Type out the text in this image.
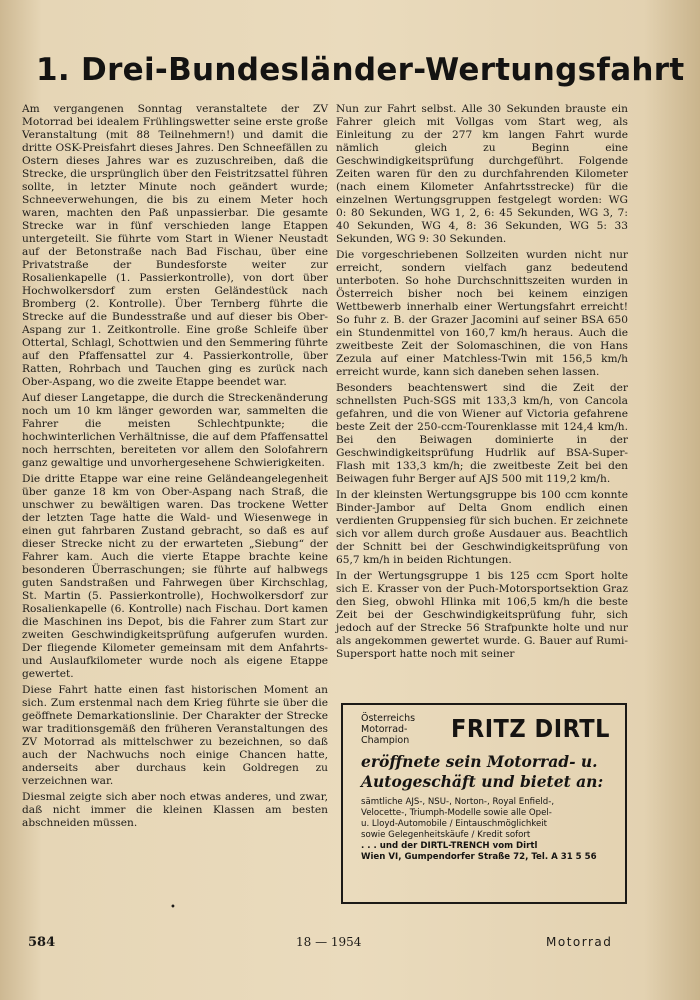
1. Drei-Bundesländer-Wertungsfahrt

Am vergangenen Sonntag veranstaltete der ZV Motorrad bei idealem Frühlingswetter seine erste große Veranstaltung (mit 88 Teilnehmern!) und damit die dritte OSK-Preisfahrt dieses Jahres. Den Schneefällen zu Ostern dieses Jahres war es zuzuschreiben, daß die Strecke, die ursprünglich über den Feistritzsattel führen sollte, in letzter Minute noch geändert wurde; Schneeverwehungen, die bis zu einem Meter hoch waren, machten den Paß unpassierbar. Die gesamte Strecke war in fünf verschieden lange Etappen untergeteilt. Sie führte vom Start in Wiener Neustadt auf der Betonstraße nach Bad Fischau, über eine Privatstraße der Bundesforste weiter zur Rosalienkapelle (1. Passierkontrolle), von dort über Hochwolkersdorf zum ersten Geländestück nach Bromberg (2. Kontrolle). Über Ternberg führte die Strecke auf die Bundesstraße und auf dieser bis Ober-Aspang zur 1. Zeitkontrolle. Eine große Schleife über Ottertal, Schlagl, Schottwien und den Semmering führte auf den Pfaffensattel zur 4. Passierkontrolle, über Ratten, Rohrbach und Tauchen ging es zurück nach Ober-Aspang, wo die zweite Etappe beendet war.

Auf dieser Langetappe, die durch die Streckenänderung noch um 10 km länger geworden war, sammelten die Fahrer die meisten Schlechtpunkte; die hochwinterlichen Verhältnisse, die auf dem Pfaffensattel noch herrschten, bereiteten vor allem den Solofahrern ganz gewaltige und unvorhergesehene Schwierigkeiten.

Die dritte Etappe war eine reine Geländeangelegenheit über ganze 18 km von Ober-Aspang nach Straß, die unschwer zu bewältigen waren. Das trockene Wetter der letzten Tage hatte die Wald- und Wiesenwege in einen gut fahrbaren Zustand gebracht, so daß es auf dieser Strecke nicht zu der erwarteten „Siebung“ der Fahrer kam. Auch die vierte Etappe brachte keine besonderen Überraschungen; sie führte auf halbwegs guten Sandstraßen und Fahrwegen über Kirchschlag, St. Martin (5. Passierkontrolle), Hochwolkersdorf zur Rosalienkapelle (6. Kontrolle) nach Fischau. Dort kamen die Maschinen ins Depot, bis die Fahrer zum Start zur zweiten Geschwindigkeitsprüfung aufgerufen wurden. Der fliegende Kilometer gemeinsam mit dem Anfahrts- und Auslaufkilometer wurde noch als eigene Etappe gewertet.

Diese Fahrt hatte einen fast historischen Moment an sich. Zum erstenmal nach dem Krieg führte sie über die geöffnete Demarkationslinie. Der Charakter der Strecke war traditionsgemäß den früheren Veranstaltungen des ZV Motorrad als mittelschwer zu bezeichnen, so daß auch der Nachwuchs noch einige Chancen hatte, anderseits aber durchaus kein Goldregen zu verzeichnen war.

Diesmal zeigte sich aber noch etwas anderes, und zwar, daß nicht immer die kleinen Klassen am besten abschneiden müssen.

Nun zur Fahrt selbst. Alle 30 Sekunden brauste ein Fahrer gleich mit Vollgas vom Start weg, als Einleitung zu der 277 km langen Fahrt wurde nämlich gleich zu Beginn eine Geschwindigkeitsprüfung durchgeführt. Folgende Zeiten waren für den zu durchfahrenden Kilometer (nach einem Kilometer Anfahrtsstrecke) für die einzelnen Wertungsgruppen festgelegt worden: WG 0: 80 Sekunden, WG 1, 2, 6: 45 Sekunden, WG 3, 7: 40 Sekunden, WG 4, 8: 36 Sekunden, WG 5: 33 Sekunden, WG 9: 30 Sekunden.

Die vorgeschriebenen Sollzeiten wurden nicht nur erreicht, sondern vielfach ganz bedeutend unterboten. So hohe Durchschnittszeiten wurden in Österreich bisher noch bei keinem einzigen Wettbewerb innerhalb einer Wertungsfahrt erreicht! So fuhr z. B. der Grazer Jacomini auf seiner BSA 650 ein Stundenmittel von 160,7 km/h heraus. Auch die zweitbeste Zeit der Solomaschinen, die von Hans Zezula auf einer Matchless-Twin mit 156,5 km/h erreicht wurde, kann sich daneben sehen lassen.

Besonders beachtenswert sind die Zeit der schnellsten Puch-SGS mit 133,3 km/h, von Cancola gefahren, und die von Wiener auf Victoria gefahrene beste Zeit der 250-ccm-Tourenklasse mit 124,4 km/h. Bei den Beiwagen dominierte in der Geschwindigkeitsprüfung Hudrlik auf BSA-Super-Flash mit 133,3 km/h; die zweitbeste Zeit bei den Beiwagen fuhr Berger auf AJS 500 mit 119,2 km/h.

In der kleinsten Wertungsgruppe bis 100 ccm konnte Binder-Jambor auf Delta Gnom endlich einen verdienten Gruppensieg für sich buchen. Er zeichnete sich vor allem durch große Ausdauer aus. Beachtlich der Schnitt bei der Geschwindigkeitsprüfung von 65,7 km/h in beiden Richtungen.

In der Wertungsgruppe 1 bis 125 ccm Sport holte sich E. Krasser von der Puch-Motorsportsektion Graz den Sieg, obwohl Hlinka mit 106,5 km/h die beste Zeit bei der Geschwindigkeitsprüfung fuhr, sich jedoch auf der Strecke 56 Strafpunkte holte und nur als angekommen gewertet wurde. G. Bauer auf Rumi-Supersport hatte noch mit seiner

Österreichs
Motorrad-
Champion	FRITZ DIRTL
eröffnete sein Motorrad- u.
Autogeschäft und bietet an:
sämtliche AJS-, NSU-, Norton-, Royal Enfield-,
Velocette-, Triumph-Modelle sowie alle Opel-
u. Lloyd-Automobile / Eintauschmöglichkeit
sowie Gelegenheitskäufe / Kredit sofort
. . . und der DIRTL-TRENCH vom Dirtl
Wien VI, Gumpendorfer Straße 72, Tel. A 31 5 56
•
584	18 — 1954	Motorrad
